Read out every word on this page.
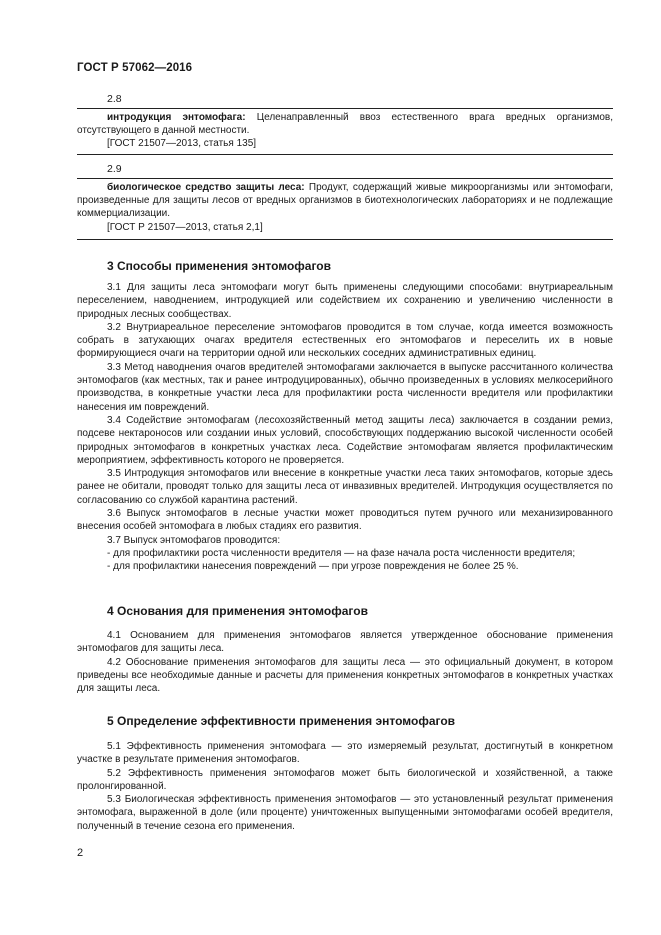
ГОСТ Р 57062—2016
2.8

интродукция энтомофага: Целенаправленный ввоз естественного врага вредных организмов, отсутствующего в данной местности.

[ГОСТ 21507—2013, статья 135]

2.9

биологическое средство защиты леса: Продукт, содержащий живые микроорганизмы или энтомофаги, произведенные для защиты лесов от вредных организмов в биотехнологических лабораториях и не подлежащие коммерциализации.

[ГОСТ Р 21507—2013, статья 2,1]

3 Способы применения энтомофагов

3.1 Для защиты леса энтомофаги могут быть применены следующими способами: внутриареальным переселением, наводнением, интродукцией или содействием их сохранению и увеличению численности в природных лесных сообществах.

3.2 Внутриареальное переселение энтомофагов проводится в том случае, когда имеется возможность собрать в затухающих очагах вредителя естественных его энтомофагов и переселить их в новые формирующиеся очаги на территории одной или нескольких соседних административных единиц.

3.3 Метод наводнения очагов вредителей энтомофагами заключается в выпуске рассчитанного количества энтомофагов (как местных, так и ранее интродуцированных), обычно произведенных в условиях мелкосерийного производства, в конкретные участки леса для профилактики роста численности вредителя или профилактики нанесения им повреждений.

3.4 Содействие энтомофагам (лесохозяйственный метод защиты леса) заключается в создании ремиз, подсеве нектароносов или создании иных условий, способствующих поддержанию высокой численности особей природных энтомофагов в конкретных участках леса. Содействие энтомофагам является профилактическим мероприятием, эффективность которого не проверяется.

3.5 Интродукция энтомофагов или внесение в конкретные участки леса таких энтомофагов, которые здесь ранее не обитали, проводят только для защиты леса от инвазивных вредителей. Интродукция осуществляется по согласованию со службой карантина растений.

3.6 Выпуск энтомофагов в лесные участки может проводиться путем ручного или механизированного внесения особей энтомофага в любых стадиях его развития.

3.7 Выпуск энтомофагов проводится:

- для профилактики роста численности вредителя — на фазе начала роста численности вредителя;

- для профилактики нанесения повреждений — при угрозе повреждения не более 25 %.

4 Основания для применения энтомофагов

4.1 Основанием для применения энтомофагов является утвержденное обоснование применения энтомофагов для защиты леса.

4.2 Обоснование применения энтомофагов для защиты леса — это официальный документ, в котором приведены все необходимые данные и расчеты для применения конкретных энтомофагов в конкретных участках для защиты леса.

5 Определение эффективности применения энтомофагов

5.1 Эффективность применения энтомофага — это измеряемый результат, достигнутый в конкретном участке в результате применения энтомофагов.

5.2 Эффективность применения энтомофагов может быть биологической и хозяйственной, а также пролонгированной.

5.3 Биологическая эффективность применения энтомофагов — это установленный результат применения энтомофага, выраженной в доле (или проценте) уничтоженных выпущенными энтомофагами особей вредителя, полученный в течение сезона его применения.

2
